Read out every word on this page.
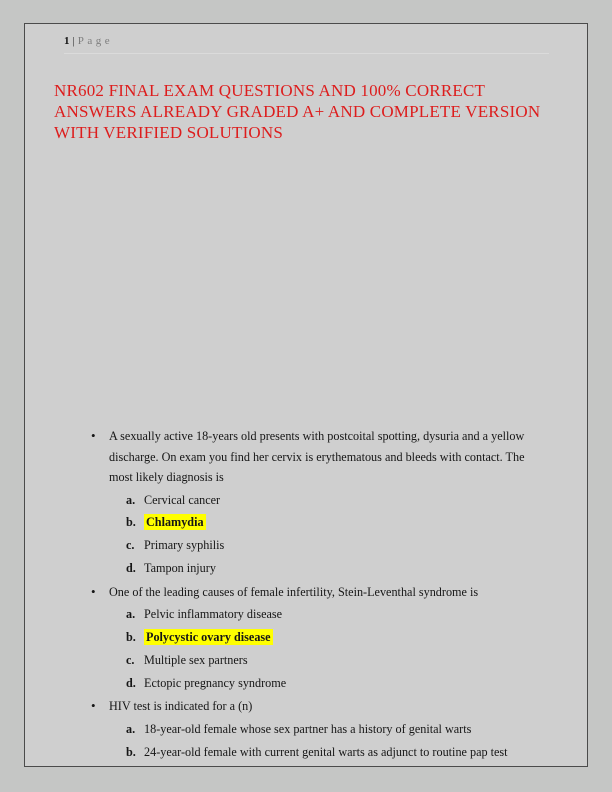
1 | Page
NR602 FINAL EXAM QUESTIONS AND 100% CORRECT ANSWERS ALREADY GRADED A+ AND COMPLETE VERSION WITH VERIFIED SOLUTIONS
• A sexually active 18-years old presents with postcoital spotting, dysuria and a yellow discharge. On exam you find her cervix is erythematous and bleeds with contact. The most likely diagnosis is
a. Cervical cancer
b. Chlamydia
c. Primary syphilis
d. Tampon injury
• One of the leading causes of female infertility, Stein-Leventhal syndrome is
a. Pelvic inflammatory disease
b. Polycystic ovary disease
c. Multiple sex partners
d. Ectopic pregnancy syndrome
• HIV test is indicated for a (n)
a. 18-year-old female whose sex partner has a history of genital warts
b. 24-year-old female with current genital warts as adjunct to routine pap test
